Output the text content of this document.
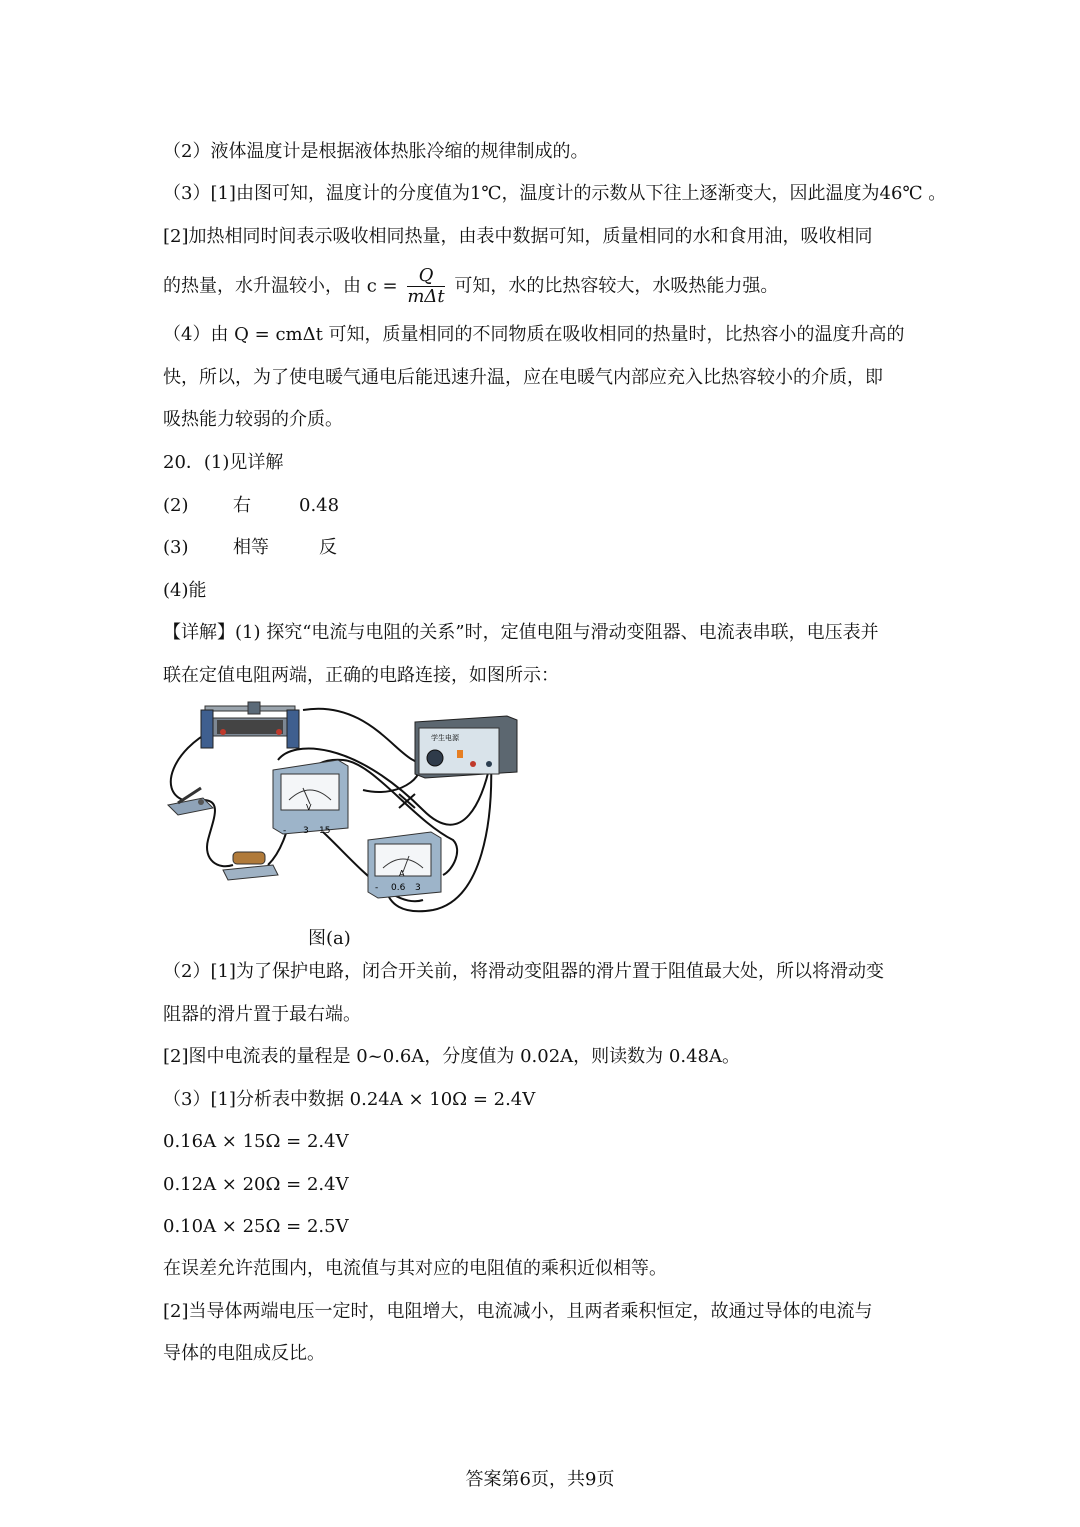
（2）液体温度计是根据液体热胀冷缩的规律制成的。
（3）[1]由图可知，温度计的分度值为1℃，温度计的示数从下往上逐渐变大，因此温度为46℃ 。
[2]加热相同时间表示吸收相同热量，由表中数据可知，质量相同的水和食用油，吸收相同
的热量，水升温较小，由 $c = \frac{Q}{\text{mΔt}}$ 可知，水的比热容较大，水吸热能力强。
（4）由 Q = cmΔt 可知，质量相同的不同物质在吸收相同的热量时，比热容小的温度升高的
快，所以，为了使电暖气通电后能迅速升温，应在电暖气内部应充入比热容较小的介质，即
吸热能力较弱的介质。
20．(1)见详解
(2) 右	0.48
(3) 相等	反
(4)能
【详解】(1) 探究“电流与电阻的关系”时，定值电阻与滑动变阻器、电流表串联，电压表并
联在定值电阻两端，正确的电路连接，如图所示：
学生电源
V
- 3 15
A
- 0.6 3
图(a)
（2）[1]为了保护电路，闭合开关前，将滑动变阻器的滑片置于阻值最大处，所以将滑动变
阻器的滑片置于最右端。
[2]图中电流表的量程是 0~0.6A，分度值为 0.02A，则读数为 0.48A。
（3）[1]分析表中数据 0.24A × 10Ω = 2.4V
0.16A × 15Ω = 2.4V
0.12A × 20Ω = 2.4V
0.10A × 25Ω = 2.5V
在误差允许范围内，电流值与其对应的电阻值的乘积近似相等。
[2]当导体两端电压一定时，电阻增大，电流减小，且两者乘积恒定，故通过导体的电流与
导体的电阻成反比。
答案第6页，共9页
